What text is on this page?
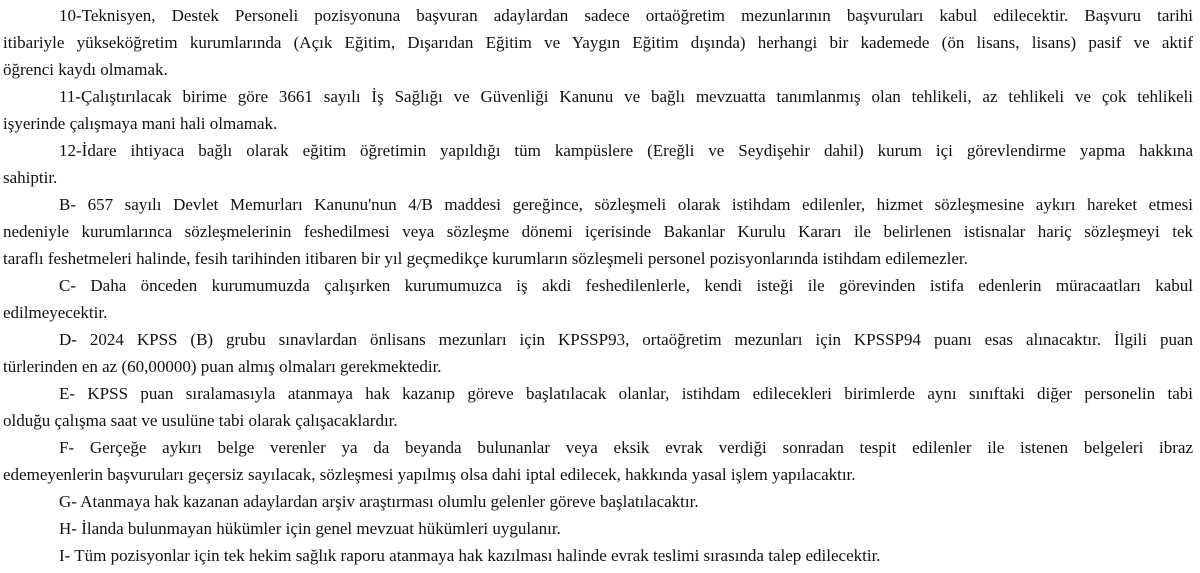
10-Teknisyen, Destek Personeli pozisyonuna başvuran adaylardan sadece ortaöğretim mezunlarının başvuruları kabul edilecektir. Başvuru tarihi
itibariyle yükseköğretim kurumlarında (Açık Eğitim, Dışarıdan Eğitim ve Yaygın Eğitim dışında) herhangi bir kademede (ön lisans, lisans) pasif ve aktif
öğrenci kaydı olmamak.
11-Çalıştırılacak birime göre 3661 sayılı İş Sağlığı ve Güvenliği Kanunu ve bağlı mevzuatta tanımlanmış olan tehlikeli, az tehlikeli ve çok tehlikeli
işyerinde çalışmaya mani hali olmamak.
12-İdare ihtiyaca bağlı olarak eğitim öğretimin yapıldığı tüm kampüslere (Ereğli ve Seydişehir dahil) kurum içi görevlendirme yapma hakkına
sahiptir.
B- 657 sayılı Devlet Memurları Kanunu'nun 4/B maddesi gereğince, sözleşmeli olarak istihdam edilenler, hizmet sözleşmesine aykırı hareket etmesi
nedeniyle kurumlarınca sözleşmelerinin feshedilmesi veya sözleşme dönemi içerisinde Bakanlar Kurulu Kararı ile belirlenen istisnalar hariç sözleşmeyi tek
taraflı feshetmeleri halinde, fesih tarihinden itibaren bir yıl geçmedikçe kurumların sözleşmeli personel pozisyonlarında istihdam edilemezler.
C- Daha önceden kurumumuzda çalışırken kurumumuzca iş akdi feshedilenlerle, kendi isteği ile görevinden istifa edenlerin müracaatları kabul
edilmeyecektir.
D- 2024 KPSS (B) grubu sınavlardan önlisans mezunları için KPSSP93, ortaöğretim mezunları için KPSSP94 puanı esas alınacaktır. İlgili puan
türlerinden en az (60,00000) puan almış olmaları gerekmektedir.
E- KPSS puan sıralamasıyla atanmaya hak kazanıp göreve başlatılacak olanlar, istihdam edilecekleri birimlerde aynı sınıftaki diğer personelin tabi
olduğu çalışma saat ve usulüne tabi olarak çalışacaklardır.
F- Gerçeğe aykırı belge verenler ya da beyanda bulunanlar veya eksik evrak verdiği sonradan tespit edilenler ile istenen belgeleri ibraz
edemeyenlerin başvuruları geçersiz sayılacak, sözleşmesi yapılmış olsa dahi iptal edilecek, hakkında yasal işlem yapılacaktır.
G- Atanmaya hak kazanan adaylardan arşiv araştırması olumlu gelenler göreve başlatılacaktır.
H- İlanda bulunmayan hükümler için genel mevzuat hükümleri uygulanır.
I- Tüm pozisyonlar için tek hekim sağlık raporu atanmaya hak kazılması halinde evrak teslimi sırasında talep edilecektir.
